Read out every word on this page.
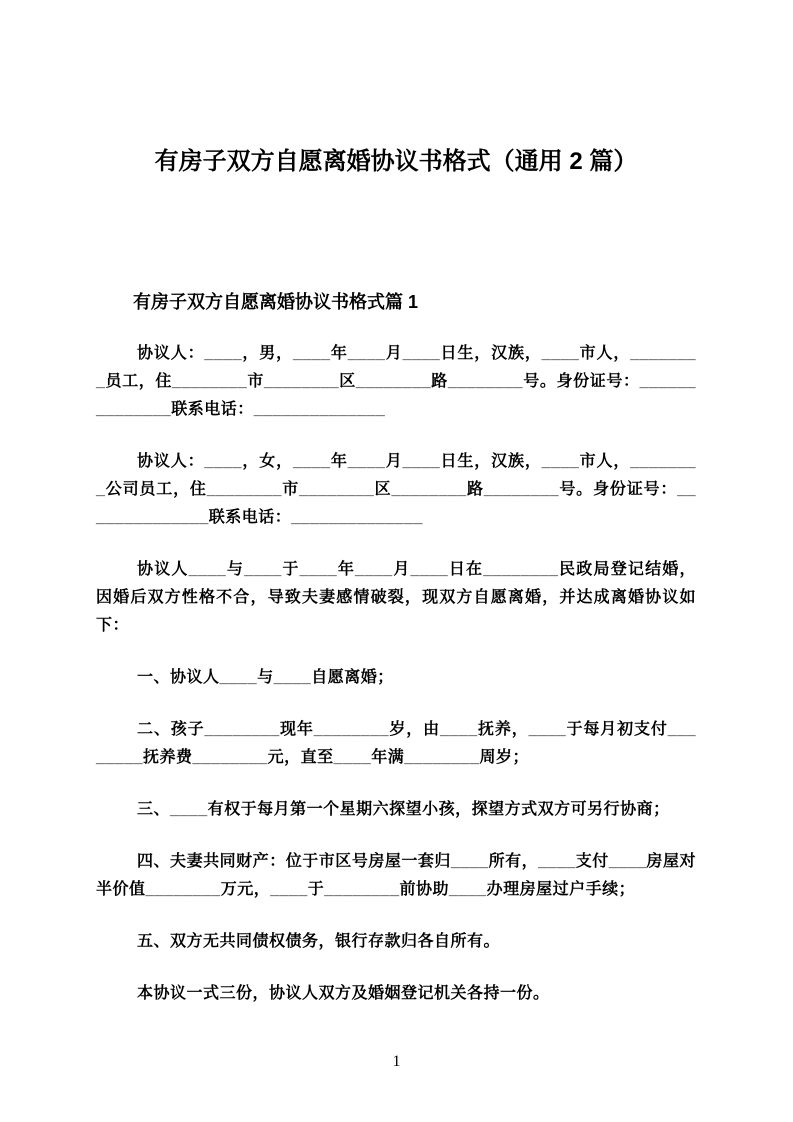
有房子双方自愿离婚协议书格式（通用 2 篇）
有房子双方自愿离婚协议书格式篇 1

协议人：____，男，____年____月____日生，汉族，____市人，________员工，住________市________区________路________号。身份证号：______________联系电话：______________

协议人：____，女，____年____月____日生，汉族，____市人，________公司员工，住________市________区________路________号。身份证号：______________联系电话：______________

协议人____与____于____年____月____日在________民政局登记结婚，因婚后双方性格不合，导致夫妻感情破裂，现双方自愿离婚，并达成离婚协议如下：

一、协议人____与____自愿离婚；

二、孩子________现年________岁，由____抚养，____于每月初支付________抚养费________元，直至____年满________周岁；

三、____有权于每月第一个星期六探望小孩，探望方式双方可另行协商；

四、夫妻共同财产：位于市区号房屋一套归____所有，____支付____房屋对半价值________万元，____于________前协助____办理房屋过户手续；

五、双方无共同债权债务，银行存款归各自所有。

本协议一式三份，协议人双方及婚姻登记机关各持一份。

1
